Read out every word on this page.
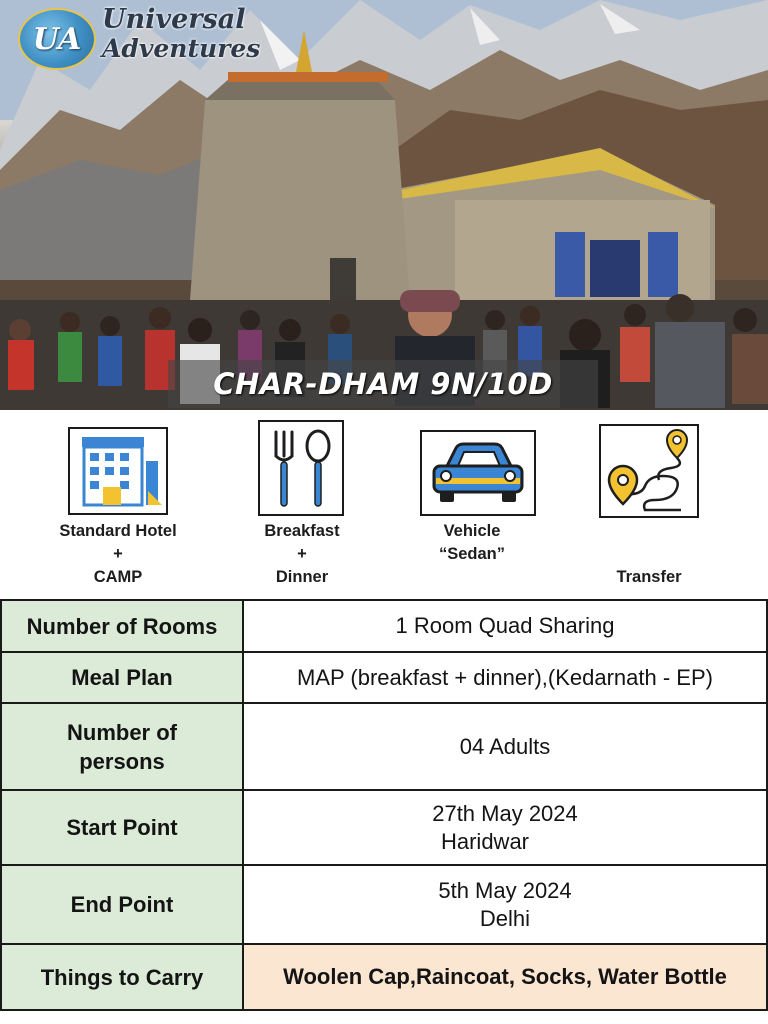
UA
Universal
Adventures
CHAR-DHAM 9N/10D
Standard Hotel
+
CAMP
Breakfast
+
Dinner
Vehicle
“Sedan”

Transfer

Number of Rooms	1 Room Quad Sharing
Meal Plan	MAP (breakfast + dinner),(Kedarnath - EP)

Number of
persons	04 Adults
Start Point	27th May 2024
Haridwar

End Point	5th May 2024
Delhi

Things to Carry	Woolen Cap,Raincoat, Socks, Water Bottle
